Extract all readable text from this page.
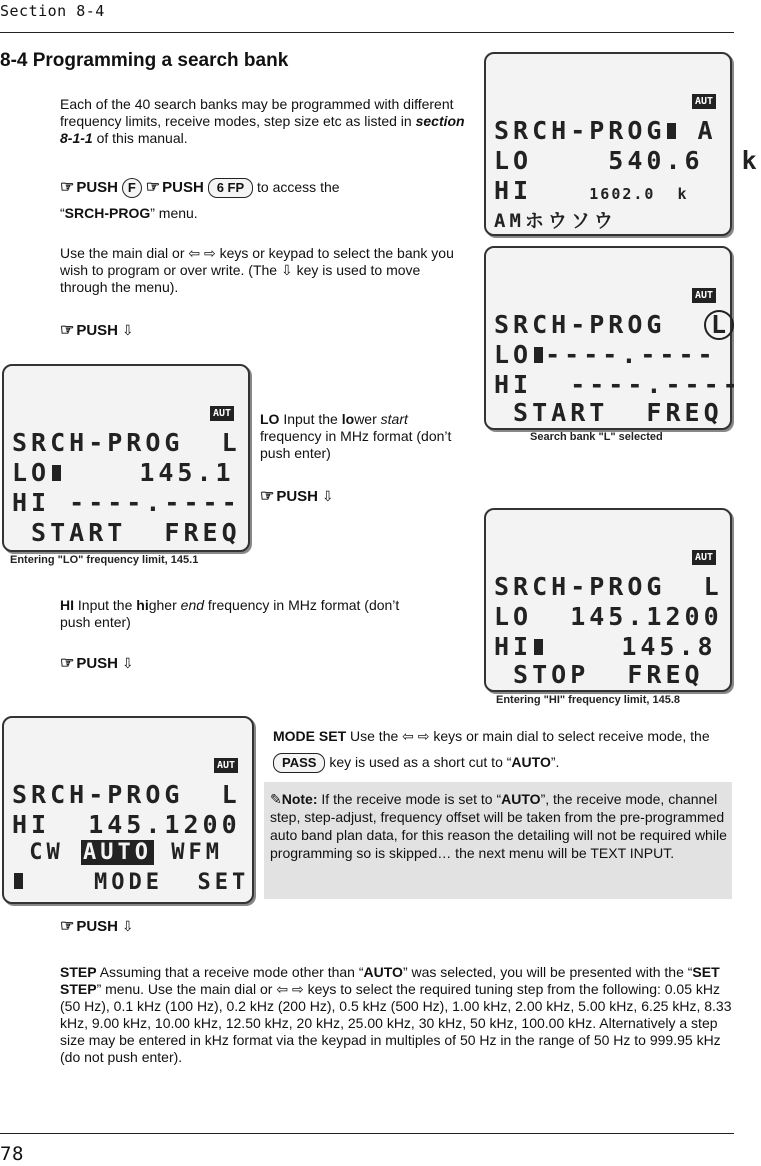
Section 8-4
8-4 Programming a search bank
Each of the 40 search banks may be programmed with different frequency limits, receive modes, step size etc as listed in section 8-1-1 of this manual.
☞ PUSH F ☞ PUSH 6 FP to access the
“SRCH-PROG” menu.
Use the main dial or ⇦ ⇨ keys or keypad to select the bank you wish to program or over write. (The ⇩ key is used to move through the menu).
☞ PUSH ⇩
AUT
SRCH-PROG A
LO    540.6  k
HI	1602.0  k
AMホウソウ
AUT
SRCH-PROG  L
LO ----.----
HI  ----.----
START  FREQ
Search bank "L" selected
AUT
SRCH-PROG  L
LO    145.1
HI ----.----
START  FREQ
Entering "LO" frequency limit, 145.1
LO Input the lower start frequency in MHz format (don’t push enter)
☞ PUSH ⇩
AUT
SRCH-PROG  L
LO  145.1200
HI    145.8
STOP  FREQ
Entering "HI" frequency limit, 145.8
HI Input the higher end frequency in MHz format (don’t push enter)
☞ PUSH ⇩
AUT
SRCH-PROG  L
HI  145.1200
CW AUTO WFM
MODE  SET
MODE SET Use the ⇦ ⇨ keys or main dial to select receive mode, the PASS key is used as a short cut to “AUTO”.
✎Note: If the receive mode is set to “AUTO”, the receive mode, channel step, step-adjust, frequency offset will be taken from the pre-programmed auto band plan data, for this reason the detailing will not be required while programming so is skipped… the next menu will be TEXT INPUT.
☞ PUSH ⇩
STEP Assuming that a receive mode other than “AUTO” was selected, you will be presented with the “SET STEP” menu. Use the main dial or ⇦ ⇨ keys to select the required tuning step from the following: 0.05 kHz (50 Hz), 0.1 kHz (100 Hz), 0.2 kHz (200 Hz), 0.5 kHz (500 Hz), 1.00 kHz, 2.00 kHz, 5.00 kHz, 6.25 kHz, 8.33 kHz, 9.00 kHz, 10.00 kHz, 12.50 kHz, 20 kHz, 25.00 kHz, 30 kHz, 50 kHz, 100.00 kHz. Alternatively a step size may be entered in kHz format via the keypad in multiples of 50 Hz in the range of 50 Hz to 999.95 kHz (do not push enter).
78
